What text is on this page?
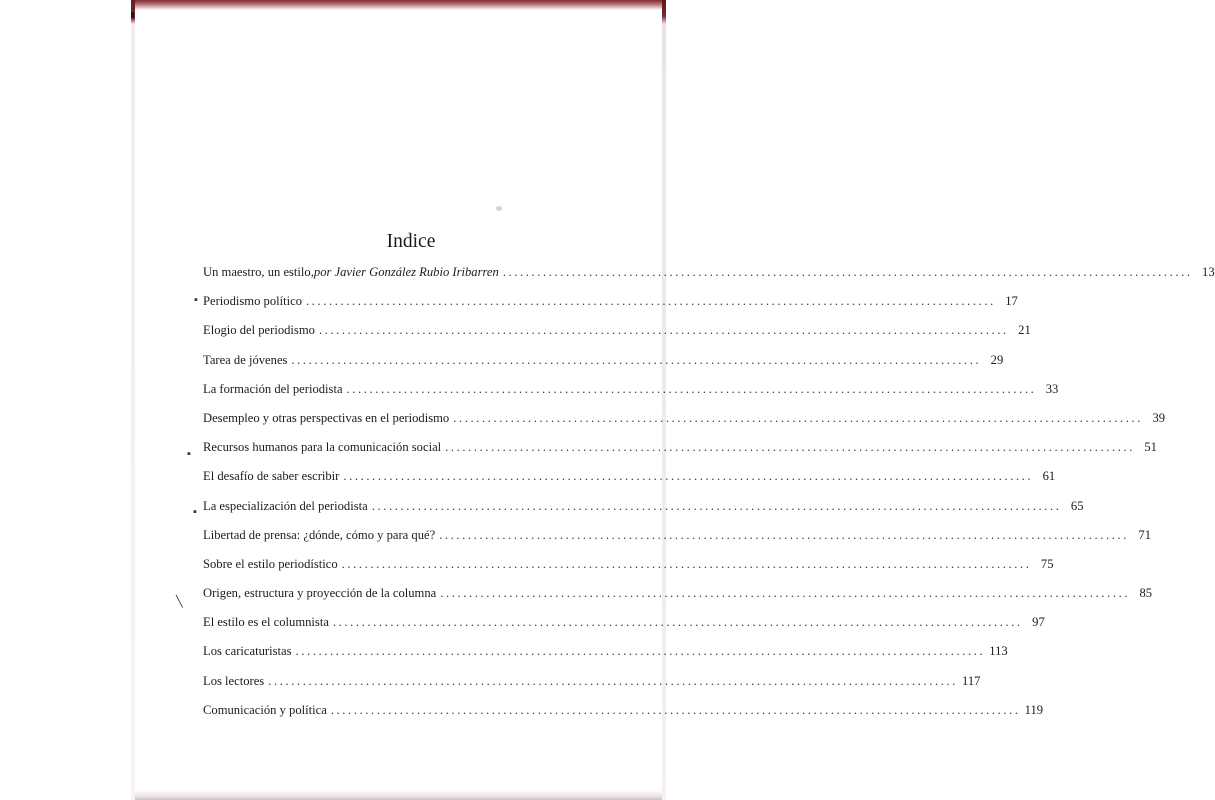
Indice
Un maestro, un estilo, por Javier González Rubio Iribarren ........................................................................................................................ 13
Periodismo político ........................................................................................................................ 17
Elogio del periodismo ........................................................................................................................ 21
Tarea de jóvenes ........................................................................................................................ 29
La formación del periodista ........................................................................................................................ 33
Desempleo y otras perspectivas en el periodismo ........................................................................................................................ 39
Recursos humanos para la comunicación social ........................................................................................................................ 51
El desafío de saber escribir ........................................................................................................................ 61
La especialización del periodista ........................................................................................................................ 65
Libertad de prensa: ¿dónde, cómo y para qué? ........................................................................................................................ 71
Sobre el estilo periodístico ........................................................................................................................ 75
Origen, estructura y proyección de la columna ........................................................................................................................ 85
El estilo es el columnista ........................................................................................................................ 97
Los caricaturistas ........................................................................................................................ 113
Los lectores ........................................................................................................................ 117
Comunicación y política ........................................................................................................................ 119
▪
▪
▪
╲
